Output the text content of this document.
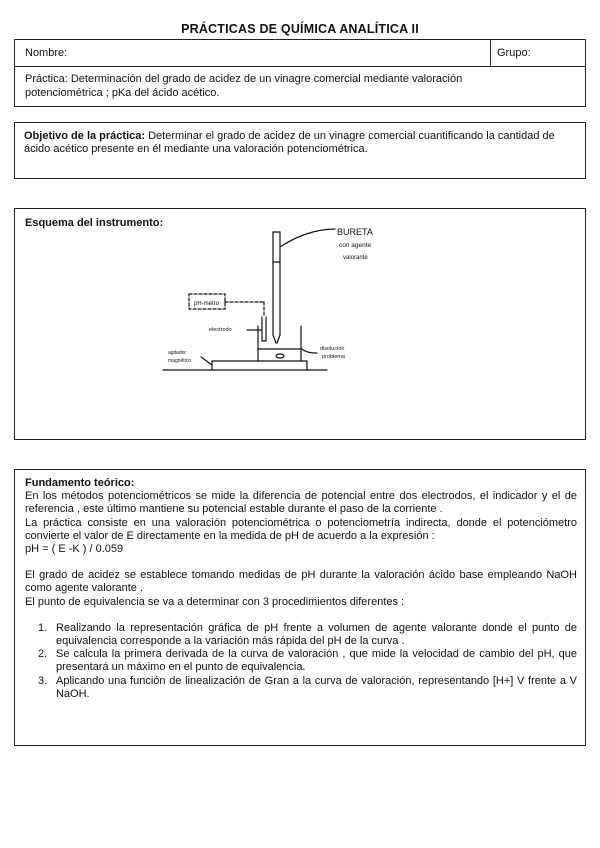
PRÁCTICAS DE QUÍMICA ANALÍTICA II
Nombre:	Grupo:
Práctica: Determinación del grado de acidez de un vinagre comercial mediante valoración potenciométrica ; pKa del ácido acético.
Objetivo de la práctica: Determinar el grado de acidez de un vinagre comercial cuantificando la cantidad de ácido acético presente en él mediante una valoración potenciométrica.
Esquema del instrumento:
BURETA
con agente
valorante
pH-metro
electrodo
disolución
problema
agitador
magnético
Fundamento teórico:

En los métodos potenciométricos se mide la diferencia de potencial entre dos electrodos, el indicador y el de referencia , este último mantiene su potencial estable durante el paso de la corriente .

La práctica consiste en una valoración potenciométrica o potenciometría indirecta, donde el potenciómetro convierte el valor de E directamente en la medida de pH de acuerdo a la expresión :

pH = ( E -K ) / 0.059

El grado de acidez se establece tomando medidas de pH durante la valoración ácido base empleando NaOH como agente valorante .

El punto de equivalencia se va a determinar con 3 procedimientos diferentes :

1. Realizando la representación gráfica de pH frente a volumen de agente valorante donde el punto de equivalencia corresponde a la variación más rápida del pH de la curva .
2. Se calcula la primera derivada de la curva de valoración , que mide la velocidad de cambio del pH, que presentará un máximo en el punto de equivalencia.
3. Aplicando una función de linealización de Gran a la curva de valoración, representando [H+] V frente a V NaOH.
